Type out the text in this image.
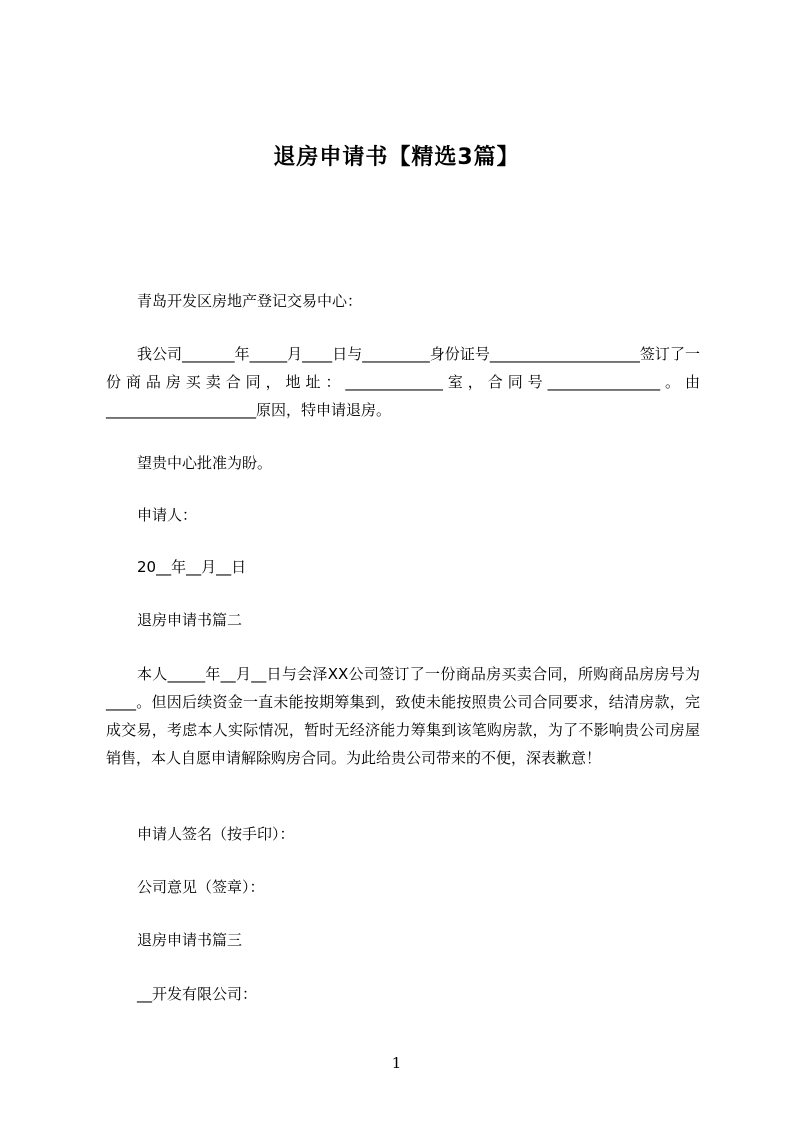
退房申请书【精选3篇】
青岛开发区房地产登记交易中心：
我公司_______年_____月____日与_________身份证号____________________签订了一份商品房买卖合同，地址：_____________室，合同号_______________。由____________________原因，特申请退房。
望贵中心批准为盼。
申请人：
20__年__月__日
退房申请书篇二
本人_____年__月__日与会泽XX公司签订了一份商品房买卖合同，所购商品房房号为____。但因后续资金一直未能按期筹集到，致使未能按照贵公司合同要求，结清房款，完成交易，考虑本人实际情况，暂时无经济能力筹集到该笔购房款，为了不影响贵公司房屋销售，本人自愿申请解除购房合同。为此给贵公司带来的不便，深表歉意！
申请人签名（按手印）：
公司意见（签章）：
退房申请书篇三
__开发有限公司：
1
